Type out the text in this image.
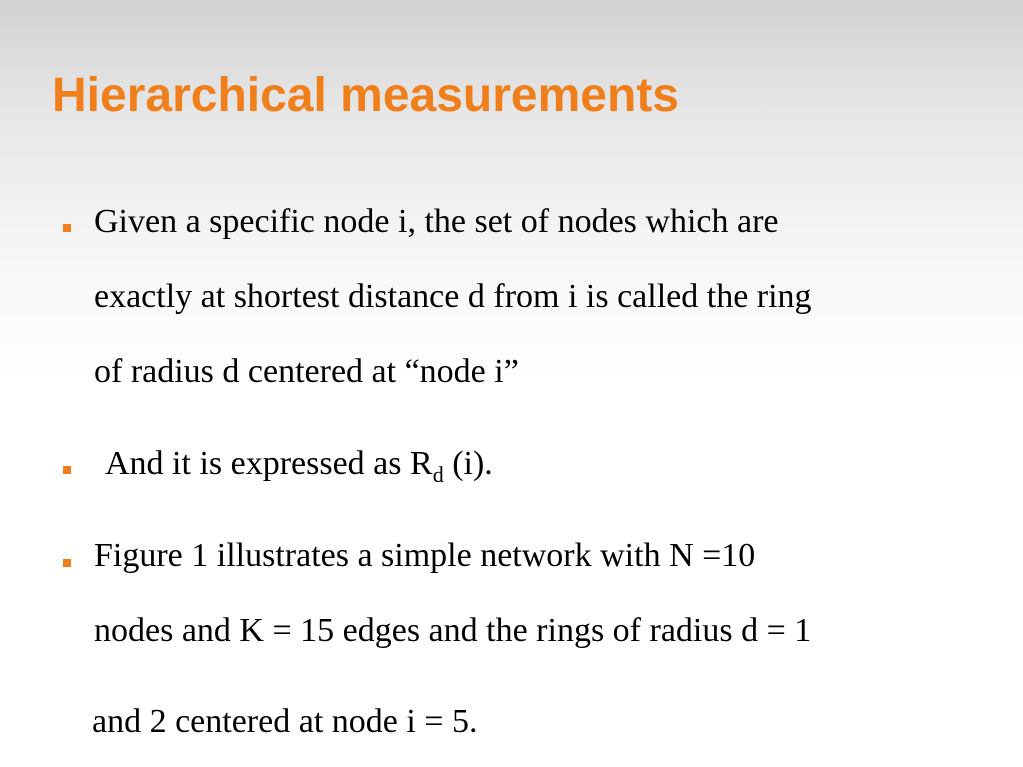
Hierarchical measurements

Given a specific node i, the set of nodes which are

exactly at shortest distance d from i is called the ring

of radius d centered at “node i”

And it is expressed as $R_d$ (i).

Figure 1 illustrates a simple network with N =10

nodes and K = 15 edges and the rings of radius d = 1

and 2 centered at node i = 5.
